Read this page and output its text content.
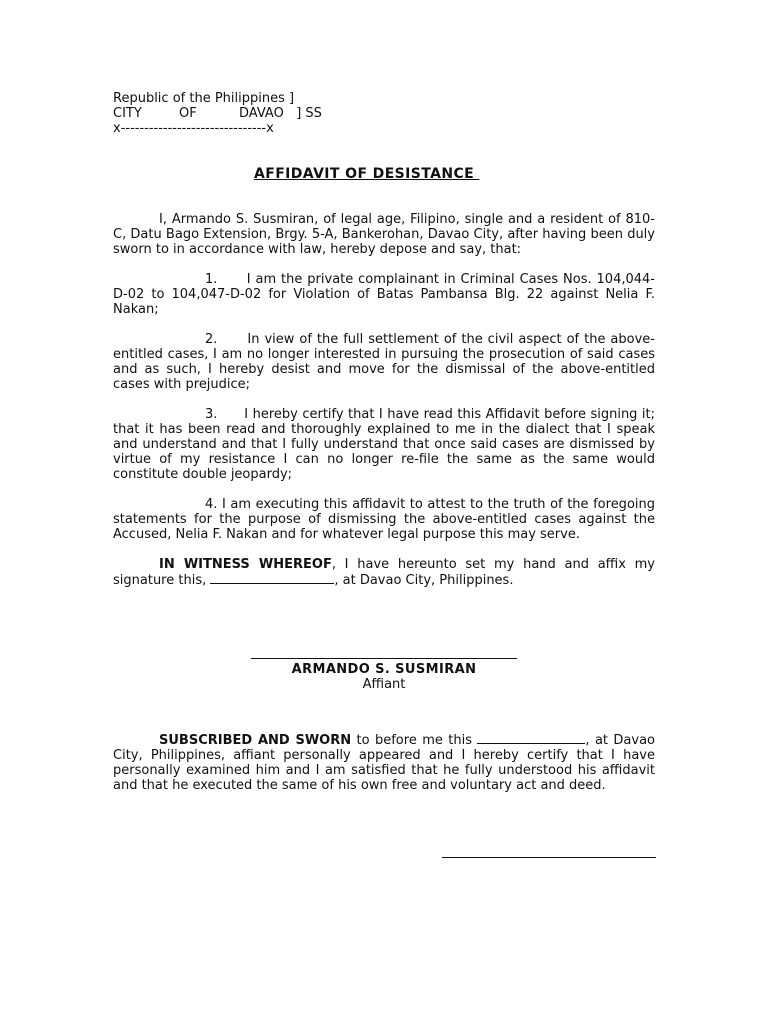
Republic of the Philippines ]
CITY	OF	DAVAO ] SS
x-------------------------------x
AFFIDAVIT OF DESISTANCE

I, Armando S. Susmiran, of legal age, Filipino, single and a resident of 810-C, Datu Bago Extension, Brgy. 5-A, Bankerohan, Davao City, after having been duly sworn to in accordance with law, hereby depose and say, that:

1. I am the private complainant in Criminal Cases Nos. 104,044-D-02 to 104,047-D-02 for Violation of Batas Pambansa Blg. 22 against Nelia F. Nakan;

2. In view of the full settlement of the civil aspect of the above-entitled cases, I am no longer interested in pursuing the prosecution of said cases and as such, I hereby desist and move for the dismissal of the above-entitled cases with prejudice;

3. I hereby certify that I have read this Affidavit before signing it; that it has been read and thoroughly explained to me in the dialect that I speak and understand and that I fully understand that once said cases are dismissed by virtue of my resistance I can no longer re-file the same as the same would constitute double jeopardy;

4. I am executing this affidavit to attest to the truth of the foregoing statements for the purpose of dismissing the above-entitled cases against the Accused, Nelia F. Nakan and for whatever legal purpose this may serve.

IN WITNESS WHEREOF, I have hereunto set my hand and affix my signature this,	, at Davao City, Philippines.

ARMANDO S. SUSMIRAN
Affiant

SUBSCRIBED AND SWORN to before me this	, at Davao City, Philippines, affiant personally appeared and I hereby certify that I have personally examined him and I am satisfied that he fully understood his affidavit and that he executed the same of his own free and voluntary act and deed.
